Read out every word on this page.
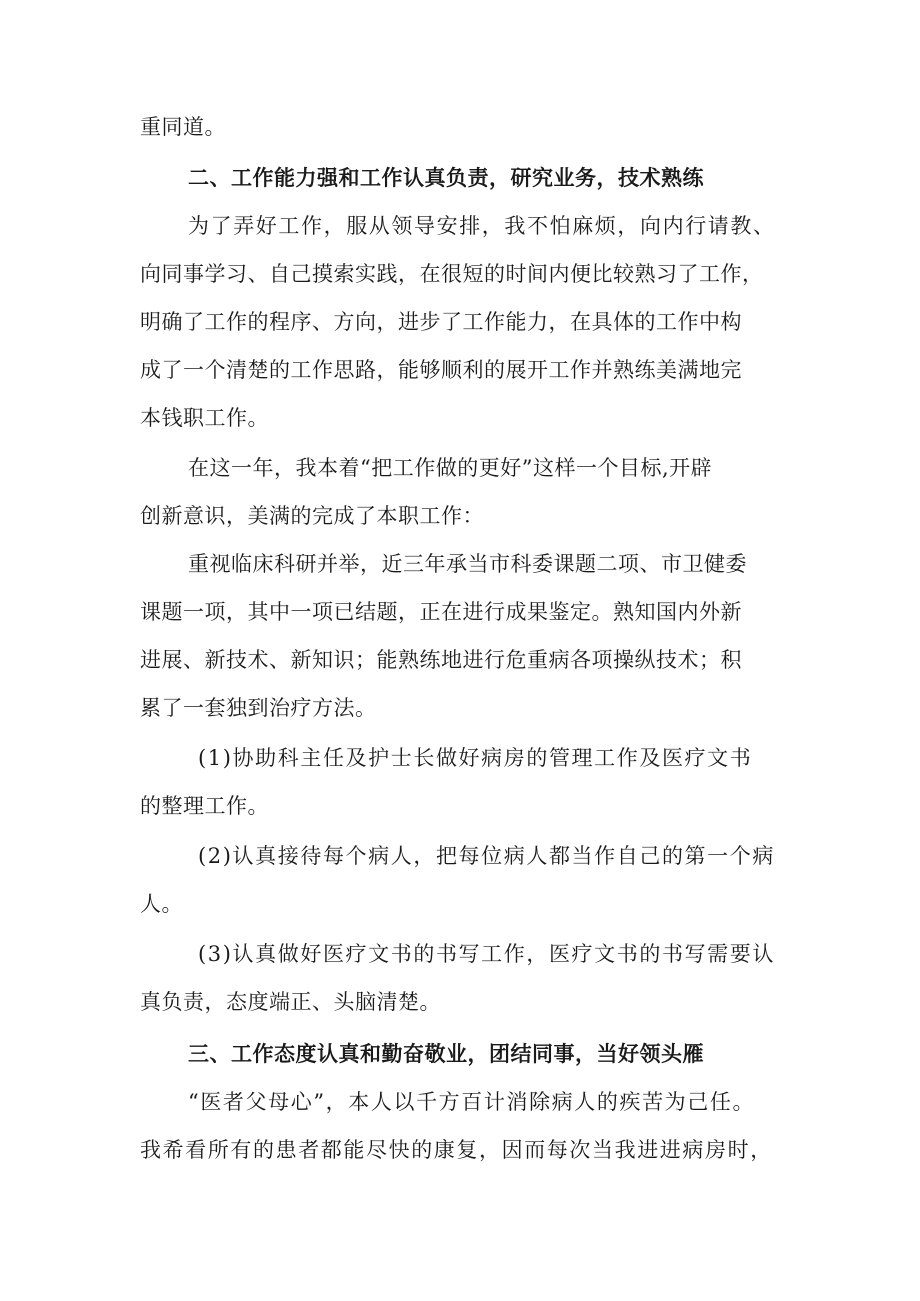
重同道。

二、工作能力强和工作认真负责，研究业务，技术熟练

为了弄好工作，服从领导安排，我不怕麻烦，向内行请教、

向同事学习、自己摸索实践，在很短的时间内便比较熟习了工作，

明确了工作的程序、方向，进步了工作能力，在具体的工作中构

成了一个清楚的工作思路，能够顺利的展开工作并熟练美满地完

本钱职工作。

在这一年，我本着“把工作做的更好”这样一个目标,开辟

创新意识，美满的完成了本职工作：

重视临床科研并举，近三年承当市科委课题二项、市卫健委

课题一项，其中一项已结题，正在进行成果鉴定。熟知国内外新

进展、新技术、新知识；能熟练地进行危重病各项操纵技术；积

累了一套独到治疗方法。

(1)协助科主任及护士长做好病房的管理工作及医疗文书

的整理工作。

(2)认真接待每个病人，把每位病人都当作自己的第一个病

人。

(3)认真做好医疗文书的书写工作，医疗文书的书写需要认

真负责，态度端正、头脑清楚。

三、工作态度认真和勤奋敬业，团结同事，当好领头雁

“医者父母心”，本人以千方百计消除病人的疾苦为己任。

我希看所有的患者都能尽快的康复，因而每次当我进进病房时，
